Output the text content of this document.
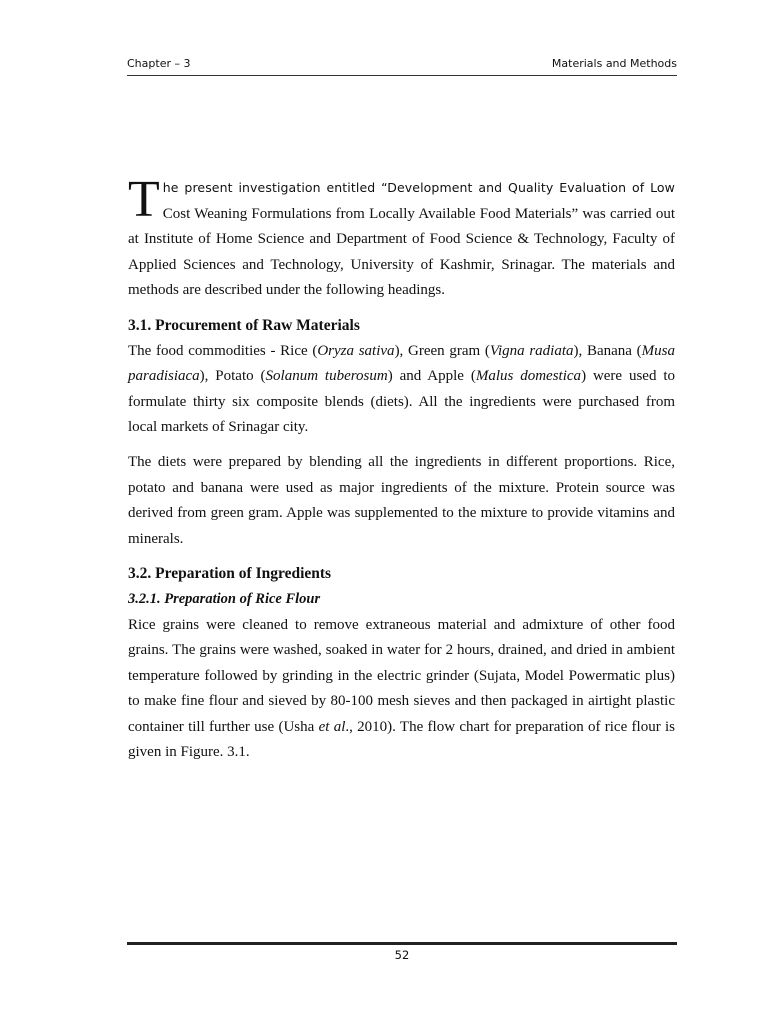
Chapter – 3	Materials and Methods

T he present investigation entitled “Development and Quality Evaluation of Low Cost Weaning Formulations from Locally Available Food Materials” was carried out at Institute of Home Science and Department of Food Science & Technology, Faculty of Applied Sciences and Technology, University of Kashmir, Srinagar. The materials and methods are described under the following headings.

3.1. Procurement of Raw Materials

The food commodities - Rice (Oryza sativa), Green gram (Vigna radiata), Banana (Musa paradisiaca), Potato (Solanum tuberosum) and Apple (Malus domestica) were used to formulate thirty six composite blends (diets). All the ingredients were purchased from local markets of Srinagar city.

The diets were prepared by blending all the ingredients in different proportions. Rice, potato and banana were used as major ingredients of the mixture. Protein source was derived from green gram. Apple was supplemented to the mixture to provide vitamins and minerals.

3.2. Preparation of Ingredients

3.2.1. Preparation of Rice Flour

Rice grains were cleaned to remove extraneous material and admixture of other food grains. The grains were washed, soaked in water for 2 hours, drained, and dried in ambient temperature followed by grinding in the electric grinder (Sujata, Model Powermatic plus) to make fine flour and sieved by 80-100 mesh sieves and then packaged in airtight plastic container till further use (Usha et al., 2010). The flow chart for preparation of rice flour is given in Figure. 3.1.

52
